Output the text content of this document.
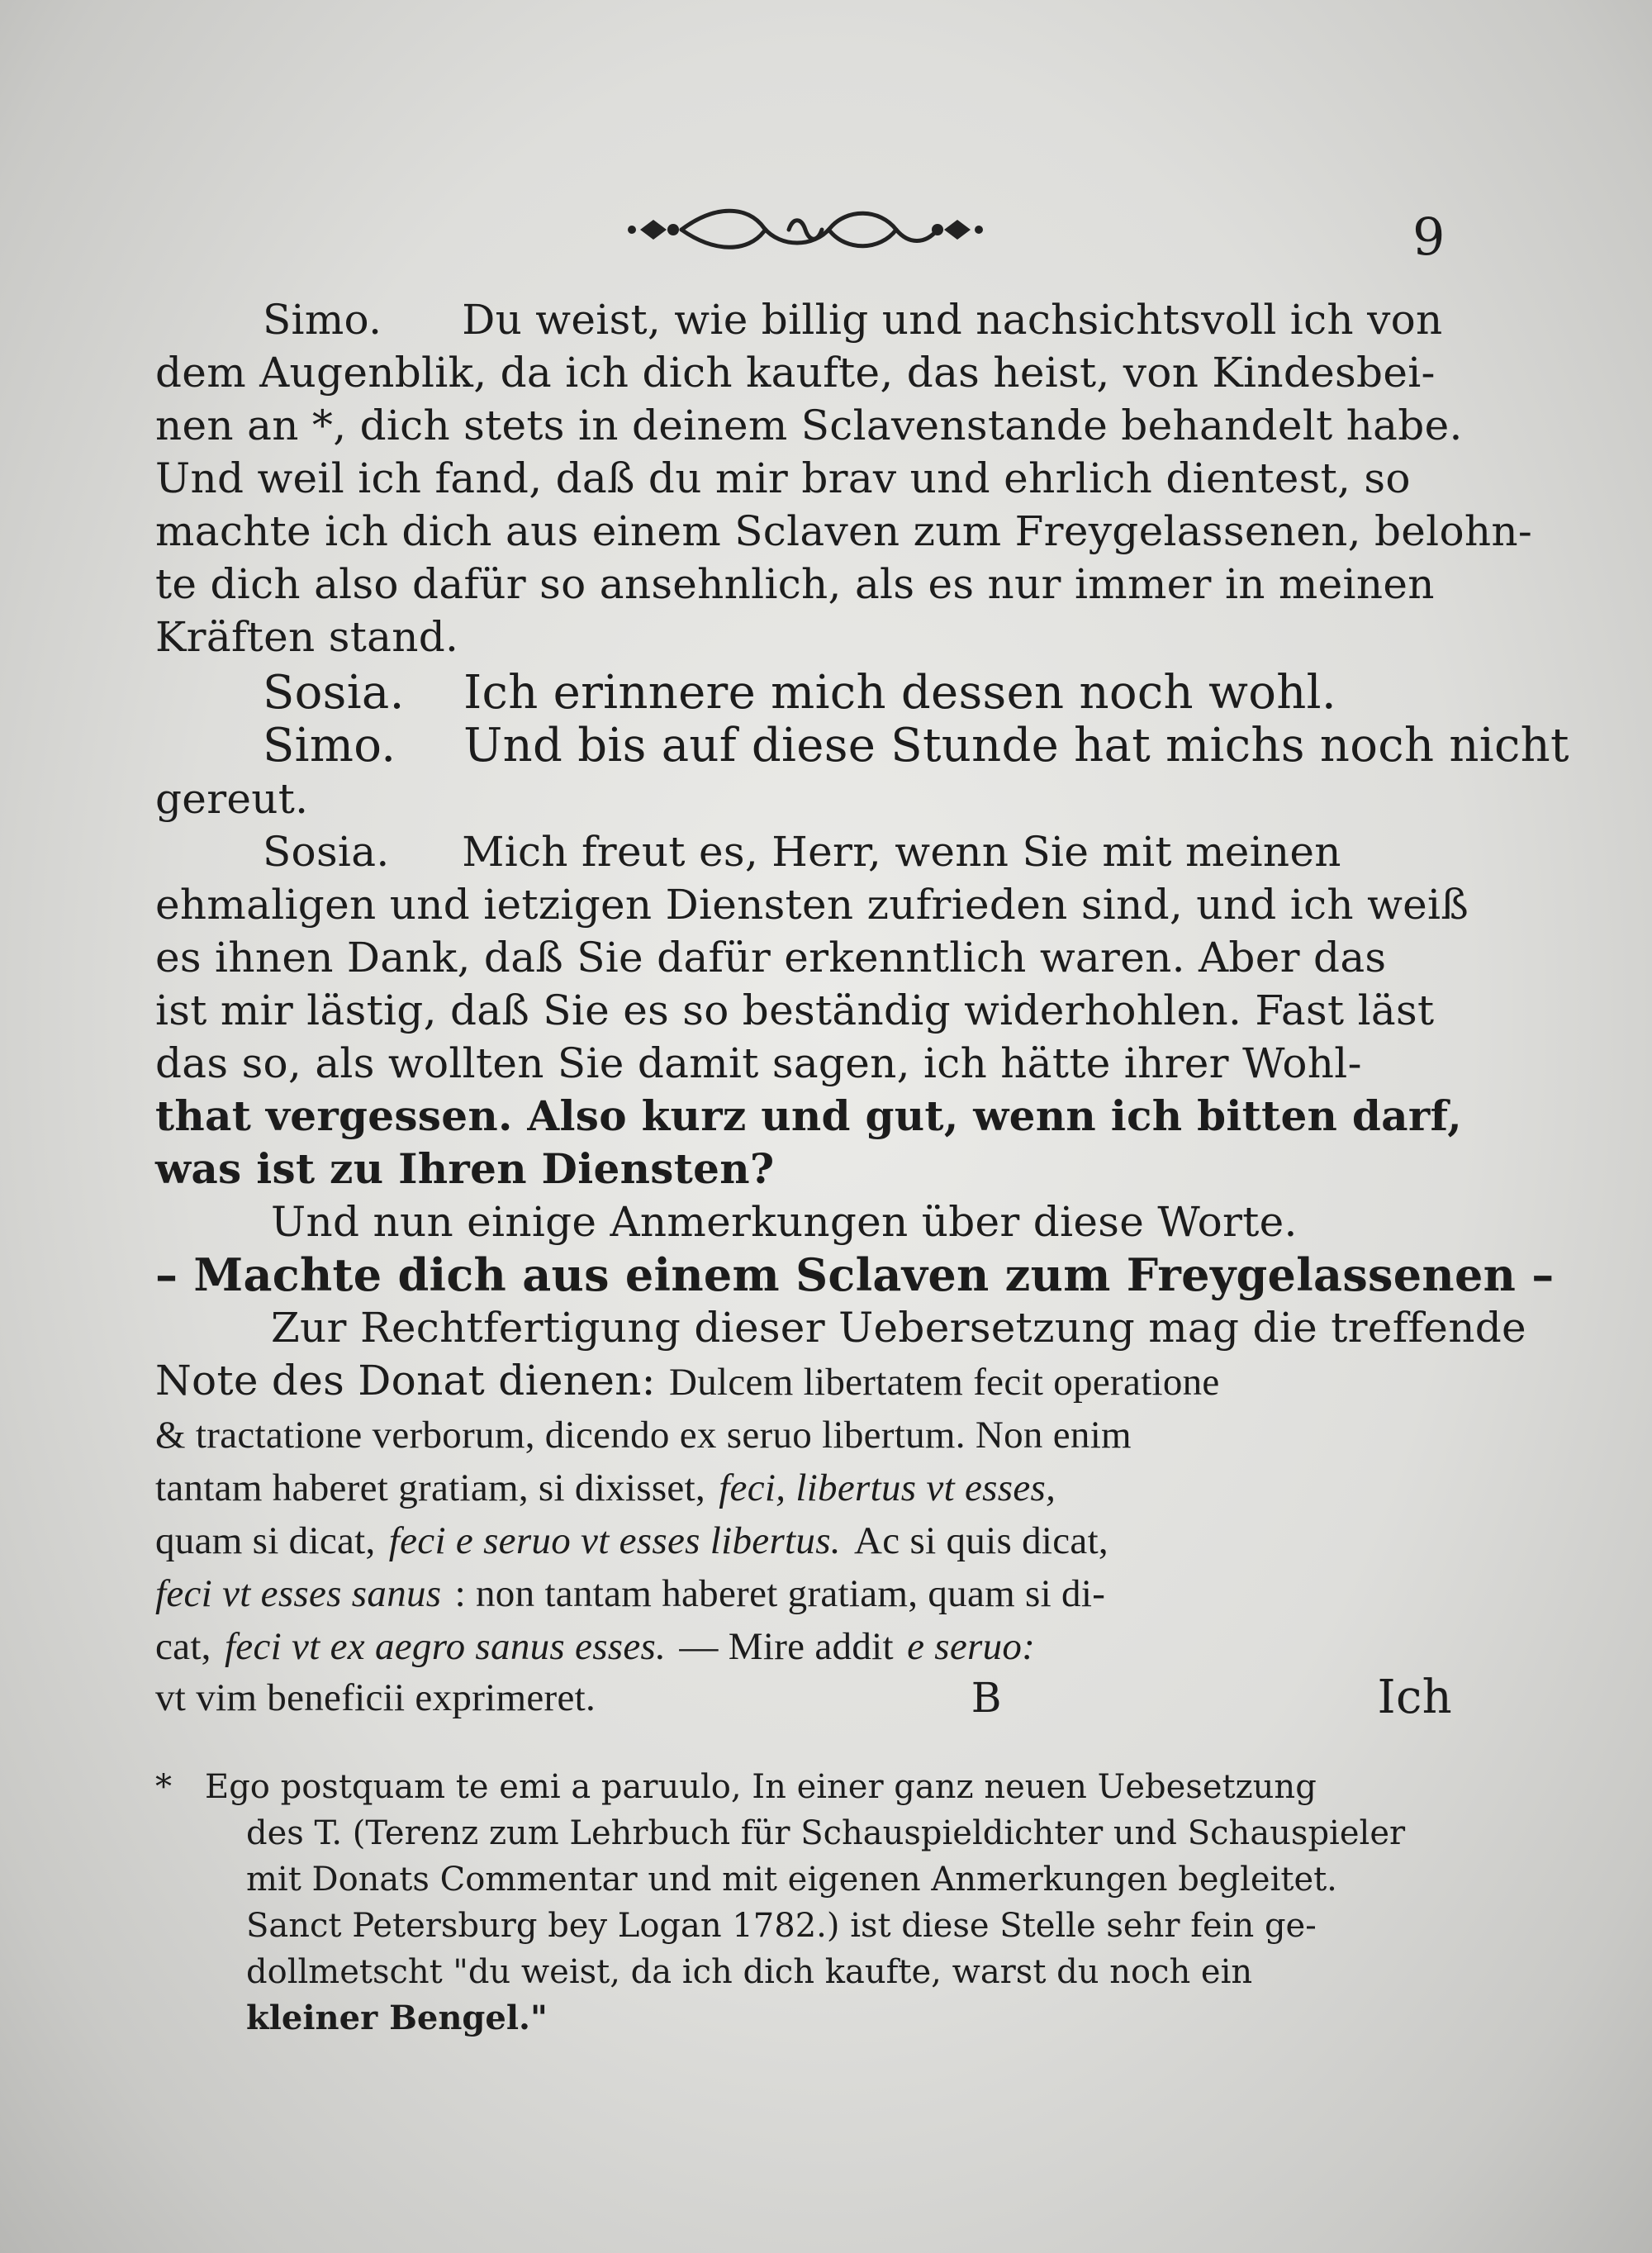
9
Simo. Du weist, wie billig und nachsichtsvoll ich von
dem Augenblik, da ich dich kaufte, das heist, von Kindesbei-
nen an *, dich stets in deinem Sclavenstande behandelt habe.
Und weil ich fand, daß du mir brav und ehrlich dientest, so
machte ich dich aus einem Sclaven zum Freygelassenen, belohn-
te dich also dafür so ansehnlich, als es nur immer in meinen
Kräften stand.
Sosia. Ich erinnere mich dessen noch wohl.
Simo. Und bis auf diese Stunde hat michs noch nicht
gereut.
Sosia. Mich freut es, Herr, wenn Sie mit meinen
ehmaligen und ietzigen Diensten zufrieden sind, und ich weiß
es ihnen Dank, daß Sie dafür erkenntlich waren. Aber das
ist mir lästig, daß Sie es so beständig widerhohlen. Fast läst
das so, als wollten Sie damit sagen, ich hätte ihrer Wohl-
that vergessen. Also kurz und gut, wenn ich bitten darf,
was ist zu Ihren Diensten?
Und nun einige Anmerkungen über diese Worte.
– Machte dich aus einem Sclaven zum Freygelassenen –
Zur Rechtfertigung dieser Uebersetzung mag die treffende
Note des Donat dienen: Dulcem libertatem fecit operatione
& tractatione verborum, dicendo ex seruo libertum. Non enim
tantam haberet gratiam, si dixisset, feci, libertus vt esses,
quam si dicat, feci e seruo vt esses libertus. Ac si quis dicat,
feci vt esses sanus : non tantam haberet gratiam, quam si di-
cat, feci vt ex aegro sanus esses. — Mire addit e seruo:
vt vim beneficii exprimeret.	B	Ich
* Ego postquam te emi a paruulo, In einer ganz neuen Uebesetzung
des T. (Terenz zum Lehrbuch für Schauspieldichter und Schauspieler
mit Donats Commentar und mit eigenen Anmerkungen begleitet.
Sanct Petersburg bey Logan 1782.) ist diese Stelle sehr fein ge-
dollmetscht "du weist, da ich dich kaufte, warst du noch ein
kleiner Bengel."
